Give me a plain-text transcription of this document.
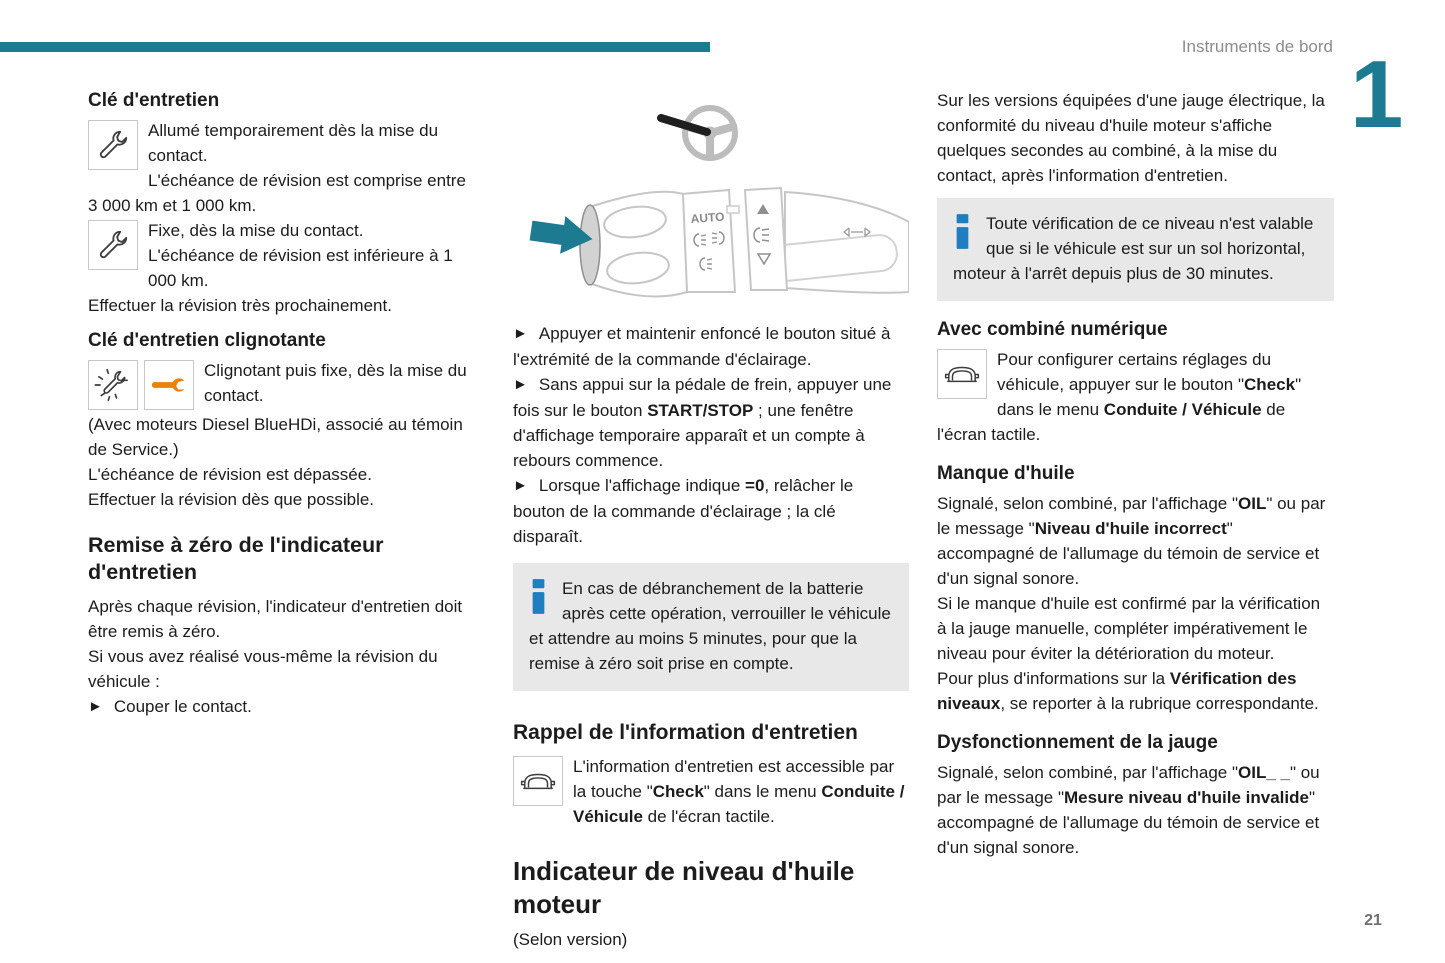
Instruments de bord 1
21
Clé d'entretien

Allumé temporairement dès la mise du contact.

L'échéance de révision est comprise entre 3 000 km et 1 000 km.

Fixe, dès la mise du contact.

L'échéance de révision est inférieure à 1 000 km.

Effectuer la révision très prochainement.

Clé d'entretien clignotante

Clignotant puis fixe, dès la mise du contact.

(Avec moteurs Diesel BlueHDi, associé au témoin de Service.)

L'échéance de révision est dépassée.

Effectuer la révision dès que possible.

Remise à zéro de l'indicateur d'entretien

Après chaque révision, l'indicateur d'entretien doit être remis à zéro.

Si vous avez réalisé vous-même la révision du véhicule :

► Couper le contact.

AUTO

► Appuyer et maintenir enfoncé le bouton situé à l'extrémité de la commande d'éclairage.

► Sans appui sur la pédale de frein, appuyer une fois sur le bouton START/STOP ; une fenêtre d'affichage temporaire apparaît et un compte à rebours commence.

► Lorsque l'affichage indique =0, relâcher le bouton de la commande d'éclairage ; la clé disparaît.

En cas de débranchement de la batterie après cette opération, verrouiller le véhicule et attendre au moins 5 minutes, pour que la remise à zéro soit prise en compte.
Rappel de l'information d'entretien

L'information d'entretien est accessible par la touche "Check" dans le menu Conduite / Véhicule de l'écran tactile.

Indicateur de niveau d'huile moteur

(Selon version)

Sur les versions équipées d'une jauge électrique, la conformité du niveau d'huile moteur s'affiche quelques secondes au combiné, à la mise du contact, après l'information d'entretien.

Toute vérification de ce niveau n'est valable que si le véhicule est sur un sol horizontal, moteur à l'arrêt depuis plus de 30 minutes.
Avec combiné numérique

Pour configurer certains réglages du véhicule, appuyer sur le bouton "Check" dans le menu Conduite / Véhicule de l'écran tactile.

Manque d'huile

Signalé, selon combiné, par l'affichage "OIL" ou par le message "Niveau d'huile incorrect" accompagné de l'allumage du témoin de service et d'un signal sonore.

Si le manque d'huile est confirmé par la vérification à la jauge manuelle, compléter impérativement le niveau pour éviter la détérioration du moteur.

Pour plus d'informations sur la Vérification des niveaux, se reporter à la rubrique correspondante.

Dysfonctionnement de la jauge

Signalé, selon combiné, par l'affichage "OIL_ _" ou par le message "Mesure niveau d'huile invalide" accompagné de l'allumage du témoin de service et d'un signal sonore.
